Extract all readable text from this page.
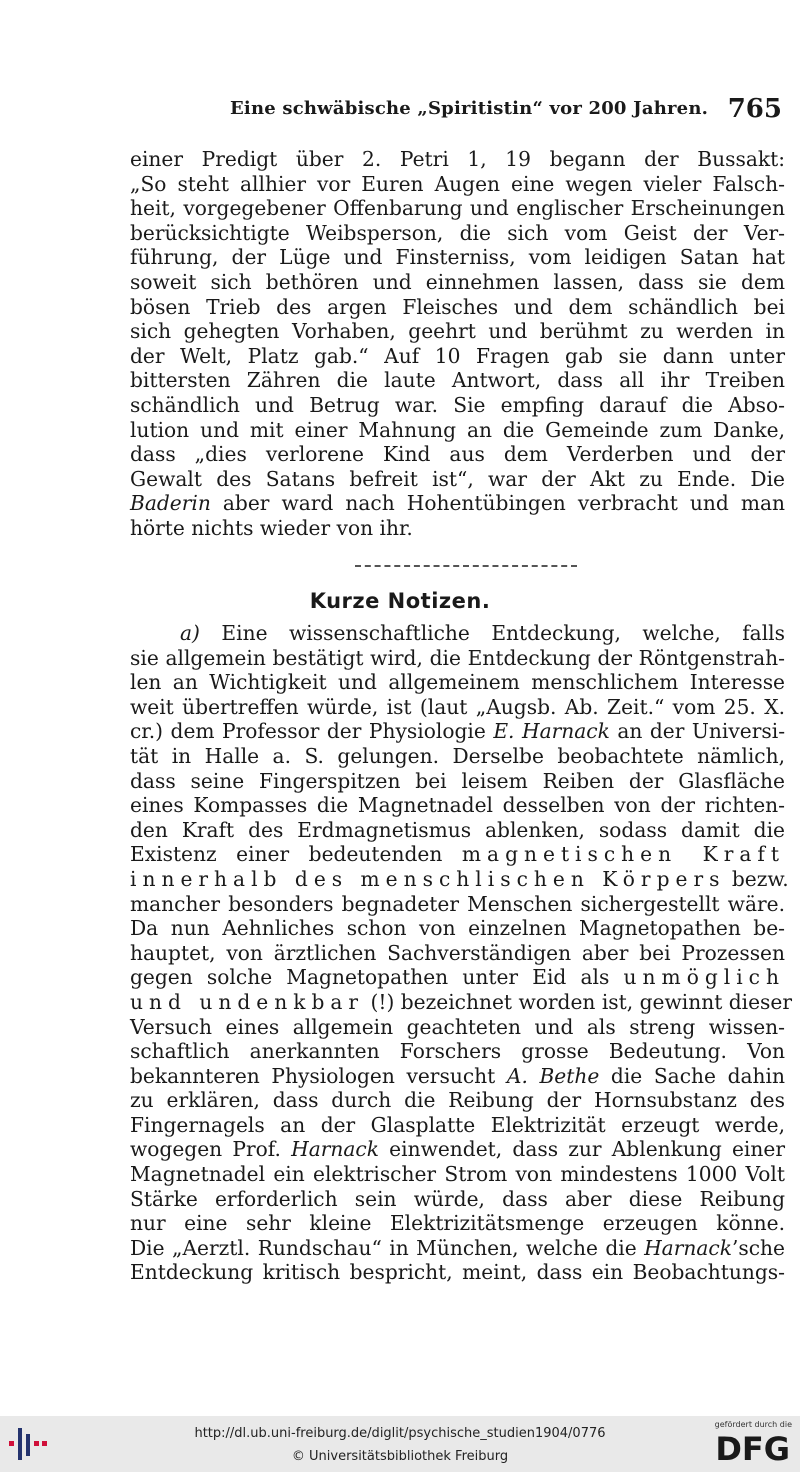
Eine schwäbische „Spiritistin“ vor 200 Jahren. 765
einer Predigt über 2. Petri 1, 19 begann der Bussakt:
„So steht allhier vor Euren Augen eine wegen vieler Falsch-
heit, vorgegebener Offenbarung und englischer Erscheinungen
berücksichtigte Weibsperson, die sich vom Geist der Ver-
führung, der Lüge und Finsterniss, vom leidigen Satan hat
soweit sich bethören und einnehmen lassen, dass sie dem
bösen Trieb des argen Fleisches und dem schändlich bei
sich gehegten Vorhaben, geehrt und berühmt zu werden in
der Welt, Platz gab.“ Auf 10 Fragen gab sie dann unter
bittersten Zähren die laute Antwort, dass all ihr Treiben
schändlich und Betrug war. Sie empfing darauf die Abso-
lution und mit einer Mahnung an die Gemeinde zum Danke,
dass „dies verlorene Kind aus dem Verderben und der
Gewalt des Satans befreit ist“, war der Akt zu Ende. Die
Baderin aber ward nach Hohentübingen verbracht und man
hörte nichts wieder von ihr.
Kurze Notizen.
a) Eine wissenschaftliche Entdeckung, welche, falls
sie allgemein bestätigt wird, die Entdeckung der Röntgenstrah-
len an Wichtigkeit und allgemeinem menschlichem Interesse
weit übertreffen würde, ist (laut „Augsb. Ab. Zeit.“ vom 25. X.
cr.) dem Professor der Physiologie E. Harnack an der Universi-
tät in Halle a. S. gelungen. Derselbe beobachtete nämlich,
dass seine Fingerspitzen bei leisem Reiben der Glasfläche
eines Kompasses die Magnetnadel desselben von der richten-
den Kraft des Erdmagnetismus ablenken, sodass damit die
Existenz einer bedeutenden magnetischen Kraft
innerhalb des menschlischen Körpers bezw.
mancher besonders begnadeter Menschen sichergestellt wäre.
Da nun Aehnliches schon von einzelnen Magnetopathen be-
hauptet, von ärztlichen Sachverständigen aber bei Prozessen
gegen solche Magnetopathen unter Eid als unmöglich
und undenkbar (!) bezeichnet worden ist, gewinnt dieser
Versuch eines allgemein geachteten und als streng wissen-
schaftlich anerkannten Forschers grosse Bedeutung. Von
bekannteren Physiologen versucht A. Bethe die Sache dahin
zu erklären, dass durch die Reibung der Hornsubstanz des
Fingernagels an der Glasplatte Elektrizität erzeugt werde,
wogegen Prof. Harnack einwendet, dass zur Ablenkung einer
Magnetnadel ein elektrischer Strom von mindestens 1000 Volt
Stärke erforderlich sein würde, dass aber diese Reibung
nur eine sehr kleine Elektrizitätsmenge erzeugen könne.
Die „Aerztl. Rundschau“ in München, welche die Harnack’sche
Entdeckung kritisch bespricht, meint, dass ein Beobachtungs-
http://dl.ub.uni-freiburg.de/diglit/psychische_studien1904/0776
© Universitätsbibliothek Freiburg
gefördert durch die
DFG
